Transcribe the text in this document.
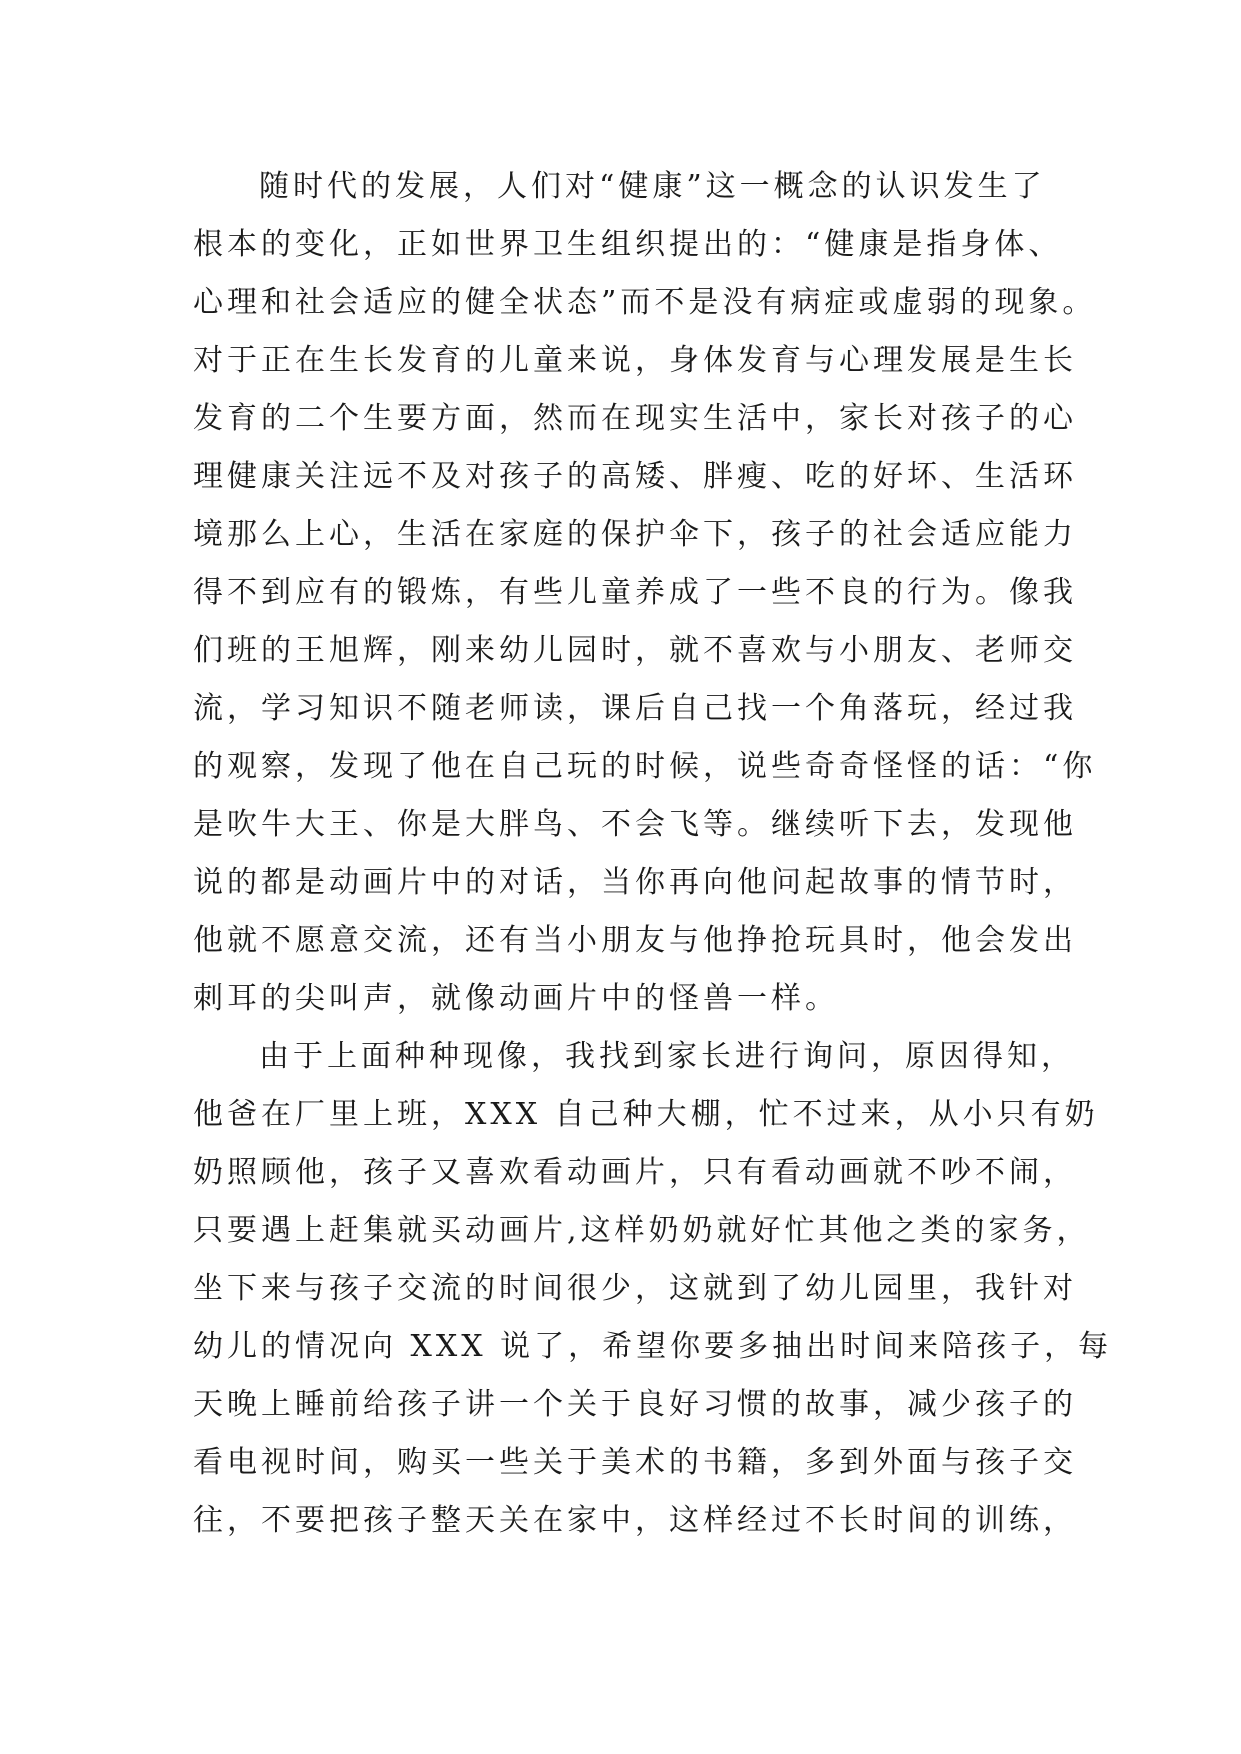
随时代的发展，人们对“健康”这一概念的认识发生了
根本的变化，正如世界卫生组织提出的：“健康是指身体、
心理和社会适应的健全状态”而不是没有病症或虚弱的现象。
对于正在生长发育的儿童来说，身体发育与心理发展是生长
发育的二个生要方面，然而在现实生活中，家长对孩子的心
理健康关注远不及对孩子的高矮、胖瘦、吃的好坏、生活环
境那么上心，生活在家庭的保护伞下，孩子的社会适应能力
得不到应有的锻炼，有些儿童养成了一些不良的行为。像我
们班的王旭辉，刚来幼儿园时，就不喜欢与小朋友、老师交
流，学习知识不随老师读，课后自己找一个角落玩，经过我
的观察，发现了他在自己玩的时候，说些奇奇怪怪的话：“你
是吹牛大王、你是大胖鸟、不会飞等。继续听下去，发现他
说的都是动画片中的对话，当你再向他问起故事的情节时，
他就不愿意交流，还有当小朋友与他挣抢玩具时，他会发出
刺耳的尖叫声，就像动画片中的怪兽一样。
由于上面种种现像，我找到家长进行询问，原因得知，
他爸在厂里上班，XXX 自己种大棚，忙不过来，从小只有奶
奶照顾他，孩子又喜欢看动画片，只有看动画就不吵不闹，
只要遇上赶集就买动画片,这样奶奶就好忙其他之类的家务，
坐下来与孩子交流的时间很少，这就到了幼儿园里，我针对
幼儿的情况向 XXX 说了，希望你要多抽出时间来陪孩子，每
天晚上睡前给孩子讲一个关于良好习惯的故事，减少孩子的
看电视时间，购买一些关于美术的书籍，多到外面与孩子交
往，不要把孩子整天关在家中，这样经过不长时间的训练，
